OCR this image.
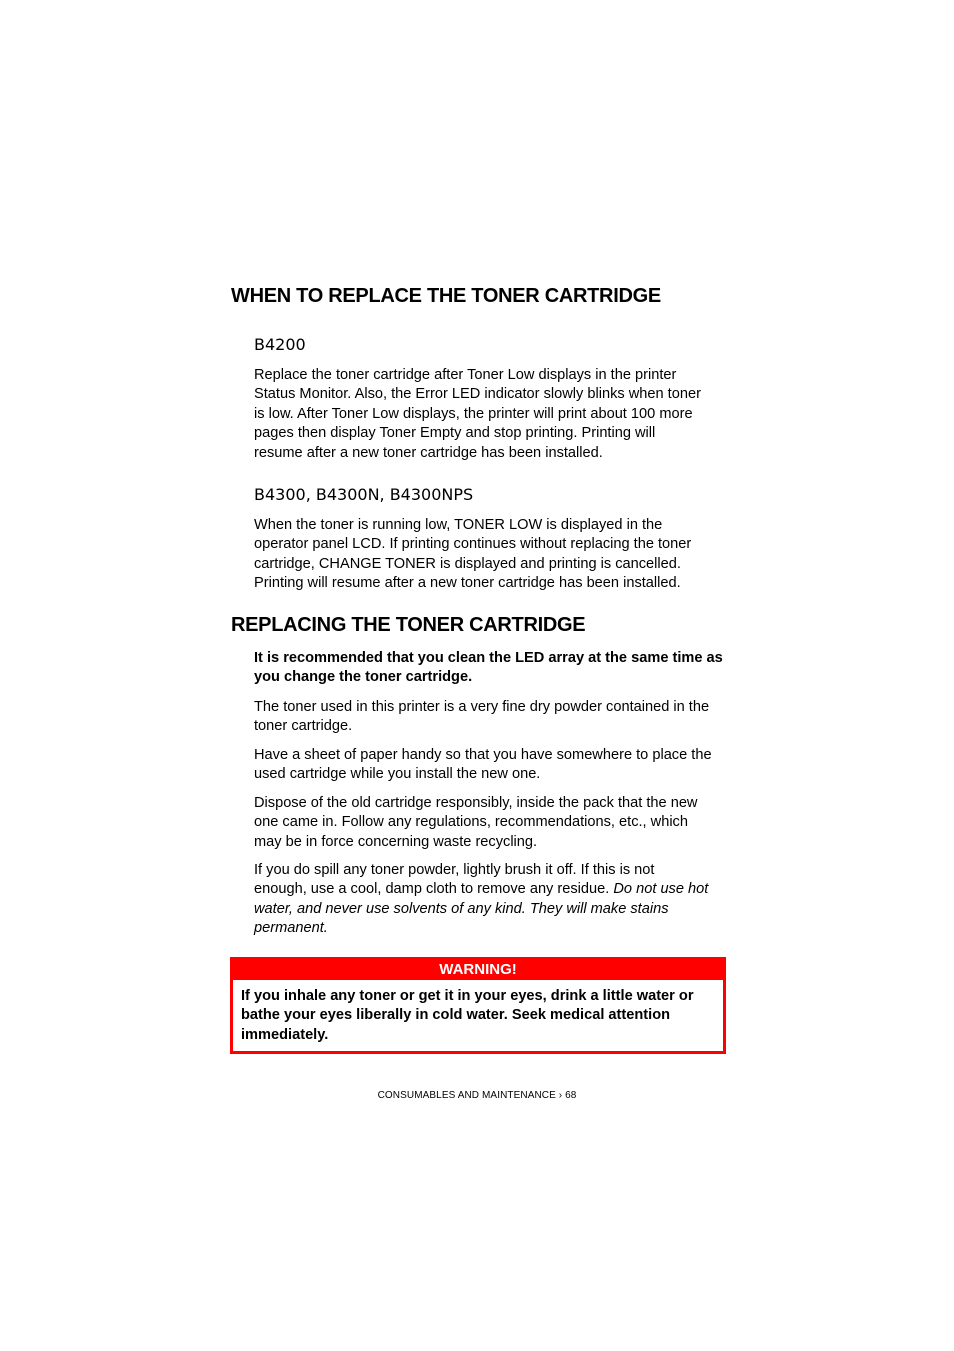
WHEN TO REPLACE THE TONER CARTRIDGE
B4200

Replace the toner cartridge after Toner Low displays in the printer
Status Monitor. Also, the Error LED indicator slowly blinks when toner
is low. After Toner Low displays, the printer will print about 100 more
pages then display Toner Empty and stop printing. Printing will
resume after a new toner cartridge has been installed.

B4300, B4300N, B4300NPS

When the toner is running low, TONER LOW is displayed in the
operator panel LCD. If printing continues without replacing the toner
cartridge, CHANGE TONER is displayed and printing is cancelled.
Printing will resume after a new toner cartridge has been installed.

REPLACING THE TONER CARTRIDGE

It is recommended that you clean the LED array at the same time as
you change the toner cartridge.

The toner used in this printer is a very fine dry powder contained in the
toner cartridge.

Have a sheet of paper handy so that you have somewhere to place the
used cartridge while you install the new one.

Dispose of the old cartridge responsibly, inside the pack that the new
one came in. Follow any regulations, recommendations, etc., which
may be in force concerning waste recycling.

If you do spill any toner powder, lightly brush it off. If this is not
enough, use a cool, damp cloth to remove any residue. Do not use hot
water, and never use solvents of any kind. They will make stains
permanent.

WARNING!

If you inhale any toner or get it in your eyes, drink a little water or
bathe your eyes liberally in cold water. Seek medical attention
immediately.

CONSUMABLES AND MAINTENANCE › 68
